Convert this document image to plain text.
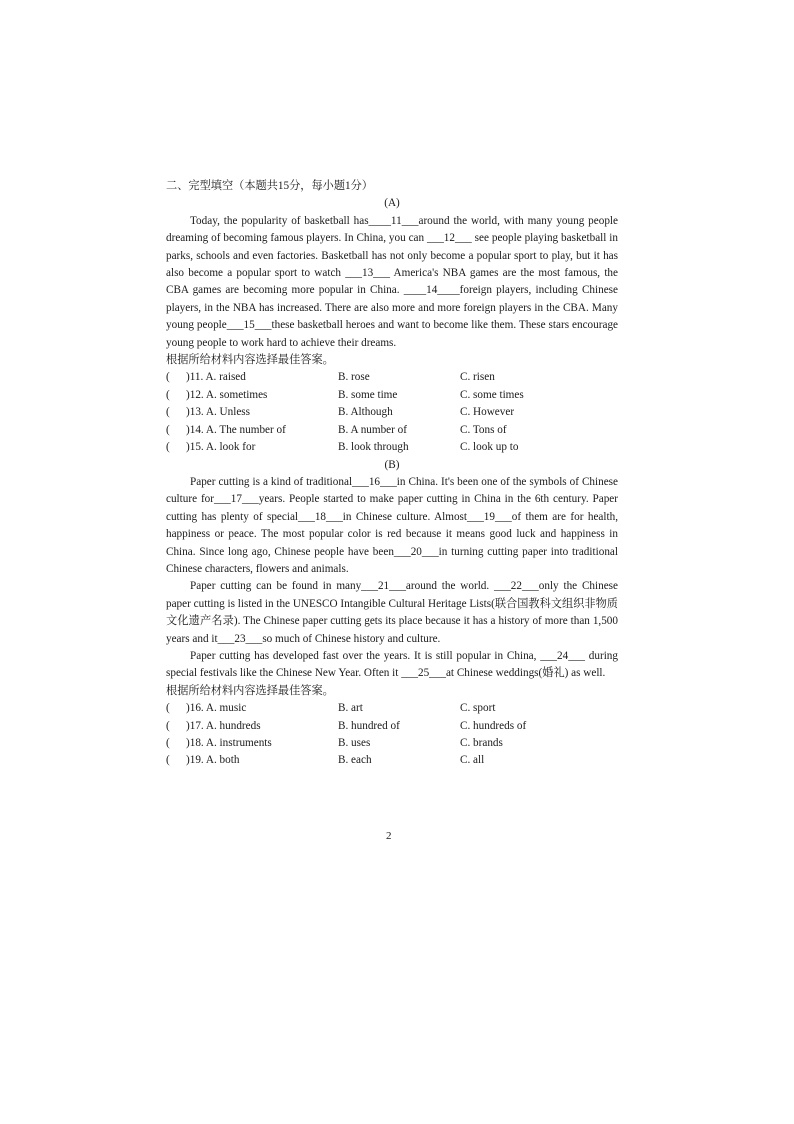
二、完型填空（本题共15分，每小题1分）
(A)

Today, the popularity of basketball has____11___around the world, with many young people dreaming of becoming famous players. In China, you can ___12___ see people playing basketball in parks, schools and even factories. Basketball has not only become a popular sport to play, but it has also become a popular sport to watch ___13___ America's NBA games are the most famous, the CBA games are becoming more popular in China. ____14____foreign players, including Chinese players, in the NBA has increased. There are also more and more foreign players in the CBA. Many young people___15___these basketball heroes and want to become like them. These stars encourage young people to work hard to achieve their dreams.

根据所给材料内容选择最佳答案。
(	)11. A. raised	B. rose	C. risen
(	)12. A. sometimes	B. some time	C. some times
(	)13. A. Unless	B. Although	C. However
(	)14. A. The number of	B. A number of	C. Tons of
(	)15. A. look for	B. look through	C. look up to
(B)

Paper cutting is a kind of traditional___16___in China. It's been one of the symbols of Chinese culture for___17___years. People started to make paper cutting in China in the 6th century. Paper cutting has plenty of special___18___in Chinese culture. Almost___19___of them are for health, happiness or peace. The most popular color is red because it means good luck and happiness in China. Since long ago, Chinese people have been___20___in turning cutting paper into traditional Chinese characters, flowers and animals.

Paper cutting can be found in many___21___around the world. ___22___only the Chinese paper cutting is listed in the UNESCO Intangible Cultural Heritage Lists(联合国教科文组织非物质文化遗产名录). The Chinese paper cutting gets its place because it has a history of more than 1,500 years and it___23___so much of Chinese history and culture.

Paper cutting has developed fast over the years. It is still popular in China, ___24___ during special festivals like the Chinese New Year. Often it ___25___at Chinese weddings(婚礼) as well.

根据所给材料内容选择最佳答案。
(	)16. A. music	B. art	C. sport
(	)17. A. hundreds	B. hundred of	C. hundreds of
(	)18. A. instruments	B. uses	C. brands
(	)19. A. both	B. each	C. all
2
